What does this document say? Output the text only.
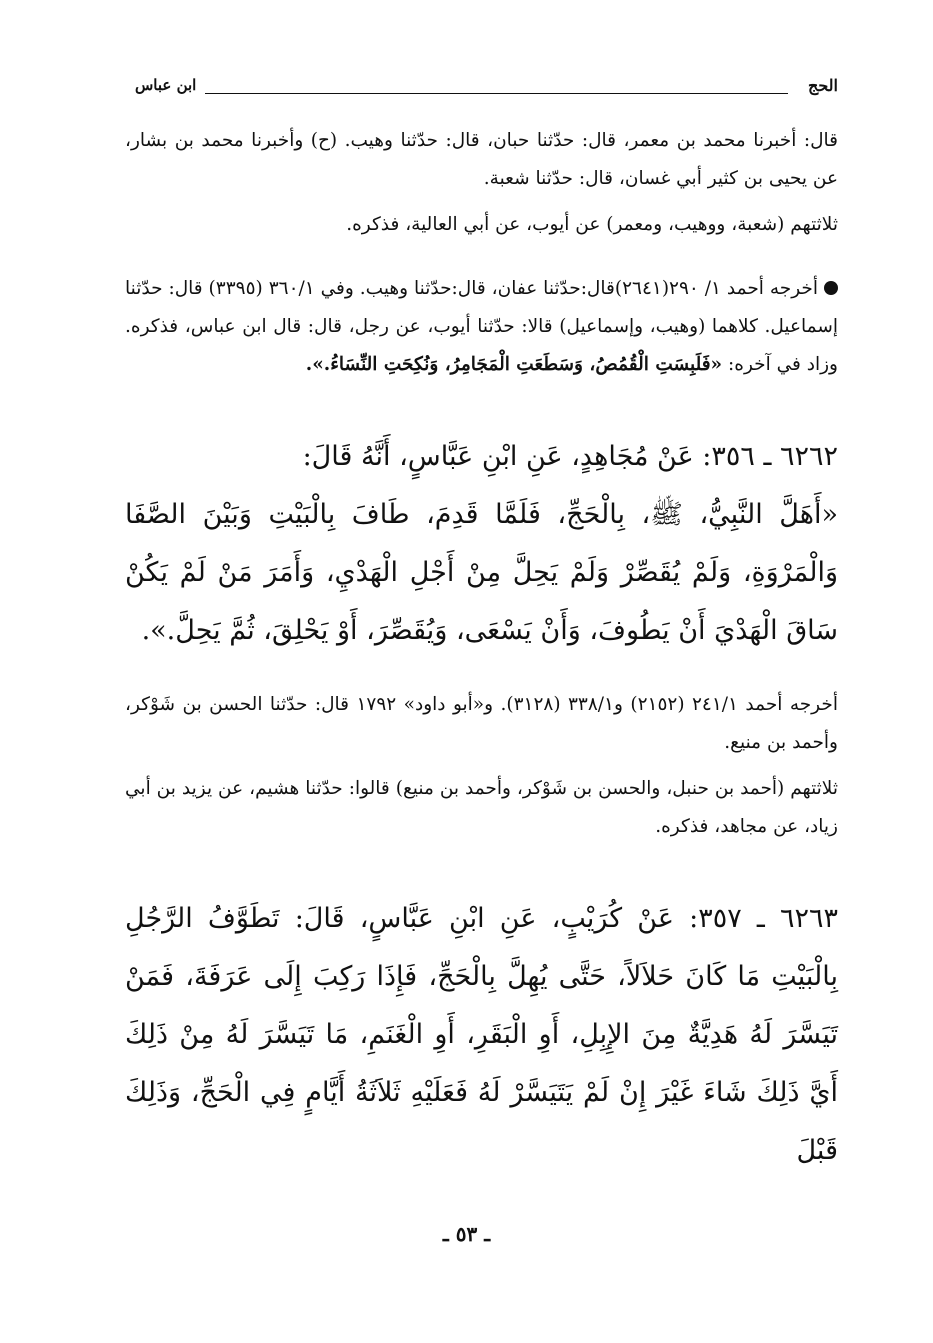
الحج
ابن عباس

قال: أخبرنا محمد بن معمر، قال: حدّثنا حبان، قال: حدّثنا وهيب. (ح) وأخبرنا محمد بن بشار، عن يحيى بن كثير أبي غسان، قال: حدّثنا شعبة.

ثلاثتهم (شعبة، ووهيب، ومعمر) عن أيوب، عن أبي العالية، فذكره.

أخرجه أحمد ١/ ٢٩٠(٢٦٤١)قال:حدّثنا عفان، قال:حدّثنا وهيب. وفي ٣٦٠/١ (٣٣٩٥) قال: حدّثنا إسماعيل. كلاهما (وهيب، وإسماعيل) قالا: حدّثنا أيوب، عن رجل، قال: قال ابن عباس، فذكره. وزاد في آخره: «فَلَبِسَتِ الْقُمُصُ، وَسَطَعَتِ الْمَجَامِرُ، وَنُكِحَتِ النِّسَاءُ.».

٦٢٦٢ ـ ٣٥٦: عَنْ مُجَاهِدٍ، عَنِ ابْنِ عَبَّاسٍ، أَنَّهُ قَالَ:

«أَهَلَّ النَّبِيُّ، ﷺ، بِالْحَجِّ، فَلَمَّا قَدِمَ، طَافَ بِالْبَيْتِ وَبَيْنَ الصَّفَا وَالْمَرْوَةِ، وَلَمْ يُقَصِّرْ وَلَمْ يَحِلَّ مِنْ أَجْلِ الْهَدْيِ، وَأَمَرَ مَنْ لَمْ يَكُنْ سَاقَ الْهَدْيَ أَنْ يَطُوفَ، وَأَنْ يَسْعَى، وَيُقَصِّرَ، أَوْ يَحْلِقَ، ثُمَّ يَحِلَّ.».

أخرجه أحمد ٢٤١/١ (٢١٥٢) و٣٣٨/١ (٣١٢٨). و«أبو داود» ١٧٩٢ قال: حدّثنا الحسن بن شَوْكر، وأحمد بن منيع.

ثلاثتهم (أحمد بن حنبل، والحسن بن شَوْكر، وأحمد بن منيع) قالوا: حدّثنا هشيم، عن يزيد بن أبي زياد، عن مجاهد، فذكره.

٦٢٦٣ ـ ٣٥٧: عَنْ كُرَيْبٍ، عَنِ ابْنِ عَبَّاسٍ، قَالَ: تَطَوَّفُ الرَّجُلِ بِالْبَيْتِ مَا كَانَ حَلاَلاً، حَتَّى يُهِلَّ بِالْحَجِّ، فَإِذَا رَكِبَ إِلَى عَرَفَةَ، فَمَنْ تَيَسَّرَ لَهُ هَدِيَّةٌ مِنَ الإِبِلِ، أَوِ الْبَقَرِ، أَوِ الْغَنَمِ، مَا تَيَسَّرَ لَهُ مِنْ ذَلِكَ أَيَّ ذَلِكَ شَاءَ غَيْرَ إِنْ لَمْ يَتَيَسَّرْ لَهُ فَعَلَيْهِ ثَلاَثَةُ أَيَّامٍ فِي الْحَجِّ، وَذَلِكَ قَبْلَ

ـ ٥٣ ـ
